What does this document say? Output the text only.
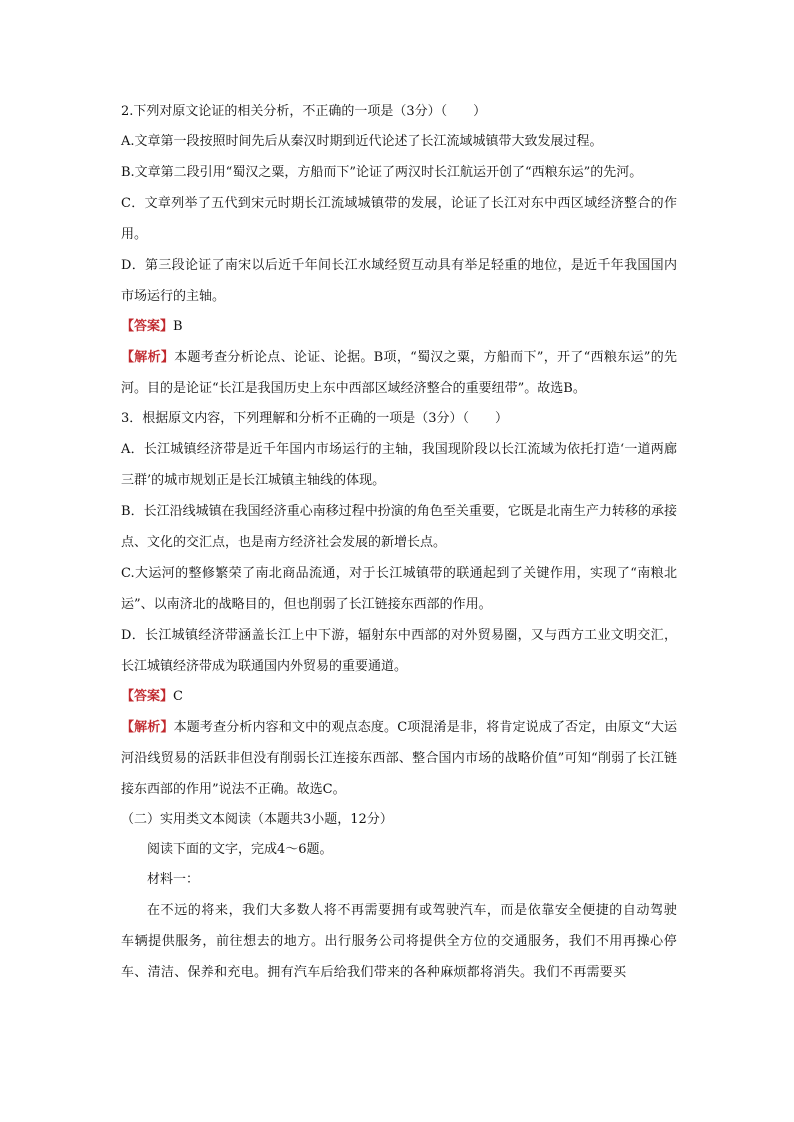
2.下列对原文论证的相关分析，不正确的一项是（3分）（　　）
A.文章第一段按照时间先后从秦汉时期到近代论述了长江流域城镇带大致发展过程。
B.文章第二段引用“蜀汉之粟，方船而下”论证了两汉时长江航运开创了“西粮东运”的先河。
C．文章列举了五代到宋元时期长江流域城镇带的发展，论证了长江对东中西区域经济整合的作用。
D．第三段论证了南宋以后近千年间长江水域经贸互动具有举足轻重的地位，是近千年我国国内市场运行的主轴。
【答案】B
【解析】本题考查分析论点、论证、论据。B项，“蜀汉之粟，方船而下”，开了“西粮东运”的先河。目的是论证“长江是我国历史上东中西部区域经济整合的重要纽带”。故选B。
3．根据原文内容，下列理解和分析不正确的一项是（3分）（　　）
A．长江城镇经济带是近千年国内市场运行的主轴，我国现阶段以长江流域为依托打造‘一道两廊三群’的城市规划正是长江城镇主轴线的体现。
B．长江沿线城镇在我国经济重心南移过程中扮演的角色至关重要，它既是北南生产力转移的承接点、文化的交汇点，也是南方经济社会发展的新增长点。
C.大运河的整修繁荣了南北商品流通，对于长江城镇带的联通起到了关键作用，实现了“南粮北运”、以南济北的战略目的，但也削弱了长江链接东西部的作用。
D．长江城镇经济带涵盖长江上中下游，辐射东中西部的对外贸易圈，又与西方工业文明交汇，长江城镇经济带成为联通国内外贸易的重要通道。
【答案】C
【解析】本题考查分析内容和文中的观点态度。C项混淆是非，将肯定说成了否定，由原文“大运河沿线贸易的活跃非但没有削弱长江连接东西部、整合国内市场的战略价值”可知“削弱了长江链接东西部的作用”说法不正确。故选C。
（二）实用类文本阅读（本题共3小题，12分）
阅读下面的文字，完成4～6题。
材料一：
在不远的将来，我们大多数人将不再需要拥有或驾驶汽车，而是依靠安全便捷的自动驾驶车辆提供服务，前往想去的地方。出行服务公司将提供全方位的交通服务，我们不用再操心停车、清洁、保养和充电。拥有汽车后给我们带来的各种麻烦都将消失。我们不再需要买
